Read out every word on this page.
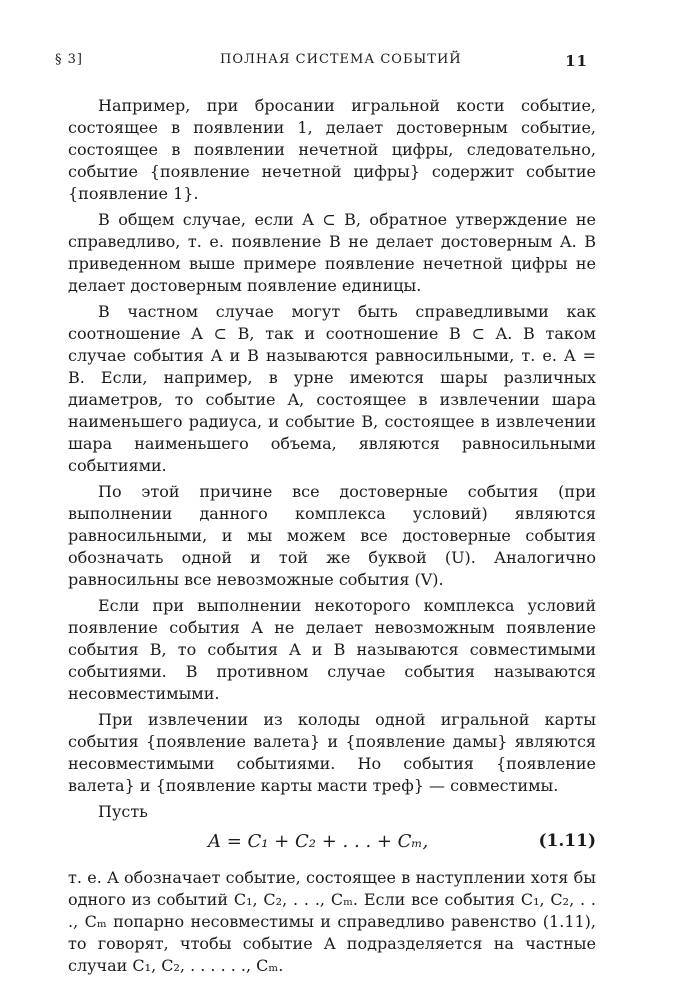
§ 3]	ПОЛНАЯ СИСТЕМА СОБЫТИЙ	11

Например, при бросании игральной кости событие, состоящее в появлении 1, делает достоверным событие, состоящее в появлении нечетной цифры, следовательно, событие {появление нечетной цифры} содержит событие {появление 1}.

В общем случае, если A ⊂ B, обратное утверждение не справедливо, т. е. появление B не делает достоверным A. В приведенном выше примере появление нечетной цифры не делает достоверным появление единицы.

В частном случае могут быть справедливыми как соотношение A ⊂ B, так и соотношение B ⊂ A. В таком случае события A и B называются равносильными, т. е. A = B. Если, например, в урне имеются шары различных диаметров, то событие A, состоящее в извлечении шара наименьшего радиуса, и событие B, состоящее в извлечении шара наименьшего объема, являются равносильными событиями.

По этой причине все достоверные события (при выполнении данного комплекса условий) являются равносильными, и мы можем все достоверные события обозначать одной и той же буквой (U). Аналогично равносильны все невозможные события (V).

Если при выполнении некоторого комплекса условий появление события A не делает невозможным появление события B, то события A и B называются совместимыми событиями. В противном случае события называются несовместимыми.

При извлечении из колоды одной игральной карты события {появление валета} и {появление дамы} являются несовместимыми событиями. Но события {появление валета} и {появление карты масти треф} — совместимы.

Пусть
A = C₁ + C₂ + . . . + Cₘ,	(1.11)

т. е. A обозначает событие, состоящее в наступлении хотя бы одного из событий C₁, C₂, . . ., Cₘ. Если все события C₁, C₂, . . ., Cₘ попарно несовместимы и справедливо равенство (1.11), то говорят, чтобы событие A подразделяется на частные случаи C₁, C₂, . . . . . ., Cₘ.
